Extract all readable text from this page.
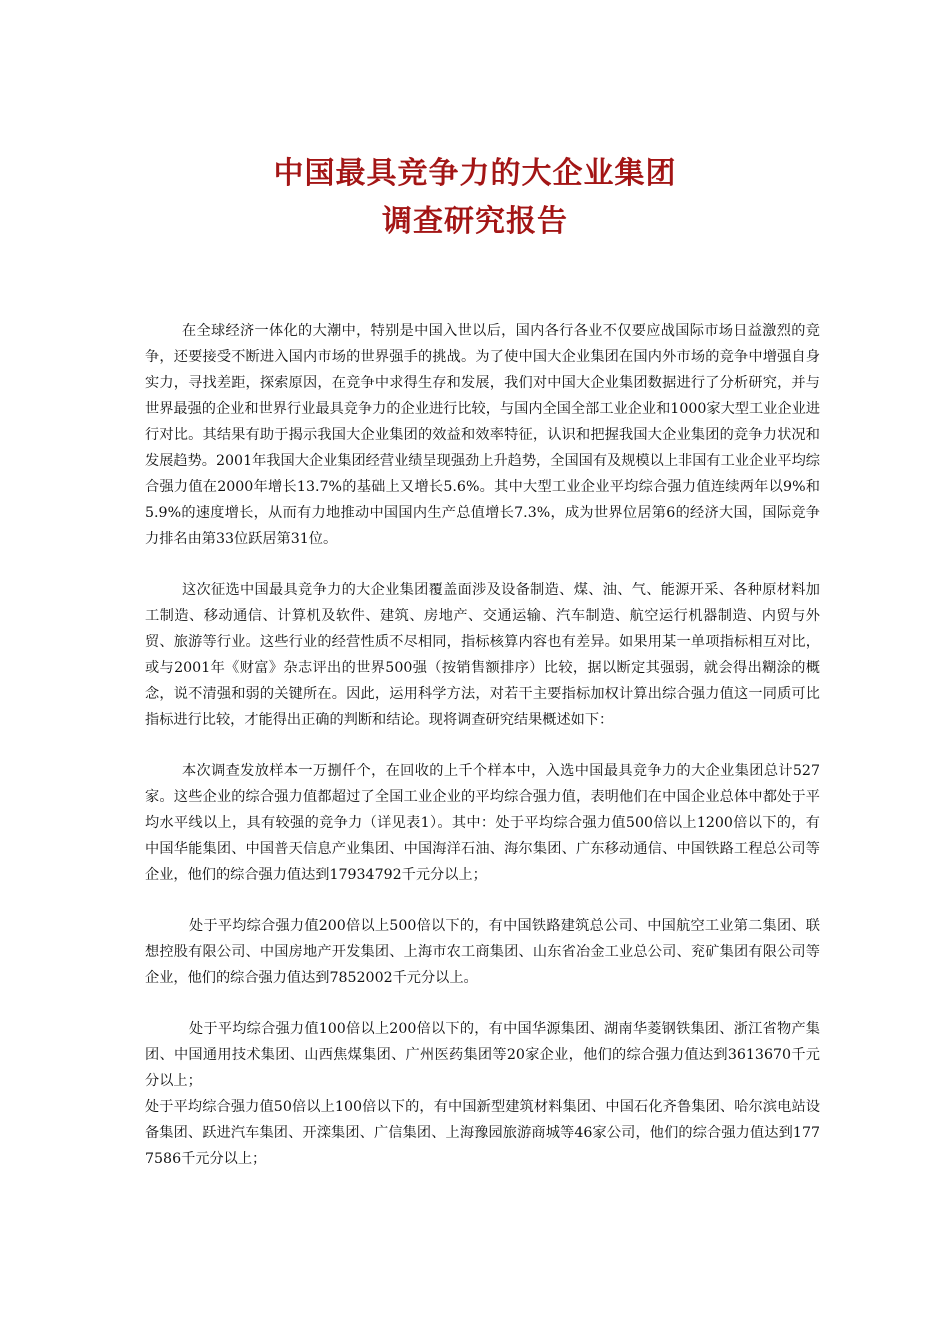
中国最具竞争力的大企业集团
调查研究报告

在全球经济一体化的大潮中，特别是中国入世以后，国内各行各业不仅要应战国际市场日益激烈的竞争，还要接受不断进入国内市场的世界强手的挑战。为了使中国大企业集团在国内外市场的竞争中增强自身实力，寻找差距，探索原因，在竞争中求得生存和发展，我们对中国大企业集团数据进行了分析研究，并与世界最强的企业和世界行业最具竞争力的企业进行比较，与国内全国全部工业企业和1000家大型工业企业进行对比。其结果有助于揭示我国大企业集团的效益和效率特征，认识和把握我国大企业集团的竞争力状况和发展趋势。2001年我国大企业集团经营业绩呈现强劲上升趋势，全国国有及规模以上非国有工业企业平均综合强力值在2000年增长13.7%的基础上又增长5.6%。其中大型工业企业平均综合强力值连续两年以9%和5.9%的速度增长，从而有力地推动中国国内生产总值增长7.3%，成为世界位居第6的经济大国，国际竞争力排名由第33位跃居第31位。

这次征选中国最具竞争力的大企业集团覆盖面涉及设备制造、煤、油、气、能源开采、各种原材料加工制造、移动通信、计算机及软件、建筑、房地产、交通运输、汽车制造、航空运行机器制造、内贸与外贸、旅游等行业。这些行业的经营性质不尽相同，指标核算内容也有差异。如果用某一单项指标相互对比，或与2001年《财富》杂志评出的世界500强（按销售额排序）比较，据以断定其强弱，就会得出糊涂的概念，说不清强和弱的关键所在。因此，运用科学方法，对若干主要指标加权计算出综合强力值这一同质可比指标进行比较，才能得出正确的判断和结论。现将调查研究结果概述如下：

本次调查发放样本一万捌仟个，在回收的上千个样本中，入选中国最具竞争力的大企业集团总计527家。这些企业的综合强力值都超过了全国工业企业的平均综合强力值，表明他们在中国企业总体中都处于平均水平线以上，具有较强的竞争力（详见表1）。其中：处于平均综合强力值500倍以上1200倍以下的，有中国华能集团、中国普天信息产业集团、中国海洋石油、海尔集团、广东移动通信、中国铁路工程总公司等企业，他们的综合强力值达到17934792千元分以上；

处于平均综合强力值200倍以上500倍以下的，有中国铁路建筑总公司、中国航空工业第二集团、联想控股有限公司、中国房地产开发集团、上海市农工商集团、山东省冶金工业总公司、兖矿集团有限公司等企业，他们的综合强力值达到7852002千元分以上。

处于平均综合强力值100倍以上200倍以下的，有中国华源集团、湖南华菱钢铁集团、浙江省物产集团、中国通用技术集团、山西焦煤集团、广州医药集团等20家企业，他们的综合强力值达到3613670千元分以上；

处于平均综合强力值50倍以上100倍以下的，有中国新型建筑材料集团、中国石化齐鲁集团、哈尔滨电站设备集团、跃进汽车集团、开滦集团、广信集团、上海豫园旅游商城等46家公司，他们的综合强力值达到1777586千元分以上；
